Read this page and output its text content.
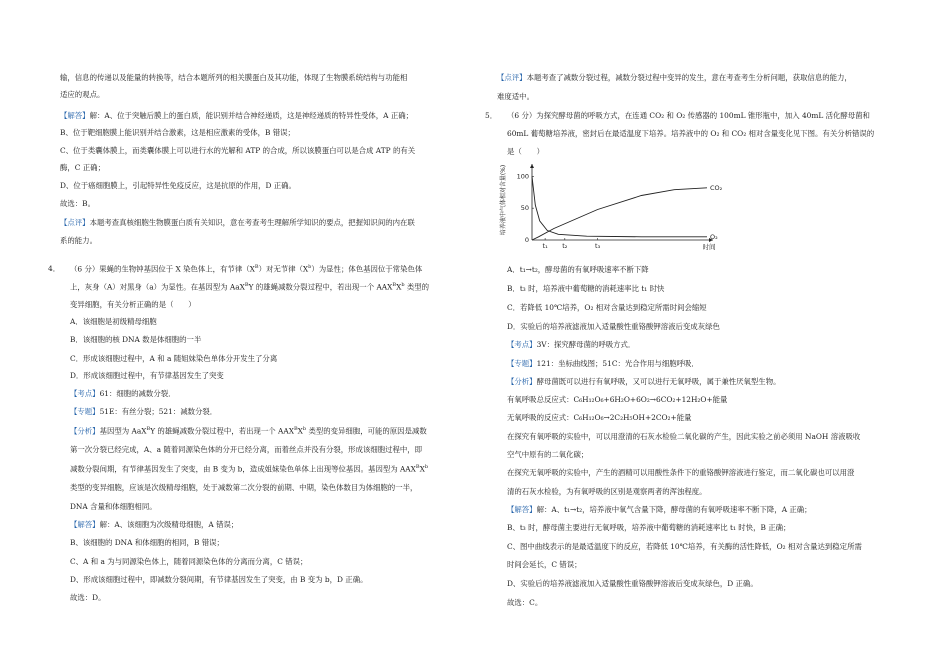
输，信息的传递以及能量的转换等，结合本题所列的相关膜蛋白及其功能，体现了生物膜系统结构与功能相
适应的观点。
【解答】解：A、位于突触后膜上的蛋白质，能识别并结合神经递质，这是神经递质的特异性受体，A 正确；
B、位于靶细胞膜上能识别并结合激素，这是相应激素的受体，B 错误；
C、位于类囊体膜上，而类囊体膜上可以进行水的光解和 ATP 的合成，所以该膜蛋白可以是合成 ATP 的有关
酶，C 正确；
D、位于癌细胞膜上，引起特异性免疫反应，这是抗原的作用，D 正确。
故选：B。
【点评】本题考查真核细胞生物膜蛋白质有关知识，意在考查考生理解所学知识的要点，把握知识间的内在联
系的能力。
（6 分）果蝇的生物钟基因位于 X 染色体上，有节律$(X^B)$对无节律$(X^b)$为显性；体色基因位于常染色体
上，灰身（A）对黑身（a）为显性。在基因型为 AaX$^B$Y 的雄蝇减数分裂过程中，若出现一个 $AAX^BX^b$ 类型的
变异细胞，有关分析正确的是（　　）
A．该细胞是初级精母细胞
B．该细胞的核 DNA 数是体细胞的一半
C．形成该细胞过程中，A 和 a 随姐妹染色单体分开发生了分离
D．形成该细胞过程中，有节律基因发生了突变
【考点】61：细胞的减数分裂．
【专题】51E：有丝分裂；521：减数分裂．
【分析】基因型为 AaX$^B$Y 的雄蝇减数分裂过程中，若出现一个 $AAX^BX^b$ 类型的变异细胞，可能的原因是减数
第一次分裂已经完成，A、a 随着同源染色体的分开已经分离，而着丝点并没有分裂，形成该细胞过程中，即
减数分裂间期，有节律基因发生了突变，由 B 变为 b，造成姐妹染色单体上出现等位基因。基因型为 $AAX^BX^b$
类型的变异细胞，应该是次级精母细胞，处于减数第二次分裂的前期、中期，染色体数目为体细胞的一半，
DNA 含量和体细胞相同。
【解答】解：A、该细胞为次级精母细胞，A 错误；
B、该细胞的 DNA 和体细胞的相同，B 错误；
C、A 和 a 为与同源染色体上，随着同源染色体的分离而分离，C 错误；
D、形成该细胞过程中，即减数分裂间期，有节律基因发生了突变，由 B 变为 b，D 正确。
故选：D。
4．
培养液中气体相对含量(%)
0
50
100
t₁ t₂	t₃	时间
CO₂
O₂
【点评】本题考查了减数分裂过程，减数分裂过程中变异的发生，意在考查考生分析问题，获取信息的能力，
难度适中。
（6 分）为探究酵母菌的呼吸方式，在连通 CO₂ 和 O₂ 传感器的 100mL 锥形瓶中，加入 40mL 活化酵母菌和
60mL 葡萄糖培养液，密封后在最适温度下培养。培养液中的 O₂ 和 CO₂ 相对含量变化见下图。有关分析错误的
是（　　）
A．t₁→t₂，酵母菌的有氧呼吸速率不断下降
B．t₃ 时，培养液中葡萄糖的消耗速率比 t₁ 时快
C．若降低 10℃培养，O₂ 相对含量达到稳定所需时间会缩短
D．实验后的培养液滤液加入适量酸性重铬酸钾溶液后变成灰绿色
【考点】3V：探究酵母菌的呼吸方式．
【专题】121：坐标曲线图；51C：光合作用与细胞呼吸．
【分析】酵母菌既可以进行有氧呼吸，又可以进行无氧呼吸，属于兼性厌氧型生物。
有氧呼吸总反应式：C₆H₁₂O₆+6H₂O+6O₂→6CO₂+12H₂O+能量
无氧呼吸的反应式：C₆H₁₂O₆→2C₂H₅OH+2CO₂+能量
在探究有氧呼吸的实验中，可以用澄清的石灰水检验二氧化碳的产生，因此实验之前必须用 NaOH 溶液吸收
空气中原有的二氧化碳；
在探究无氧呼吸的实验中，产生的酒精可以用酸性条件下的重铬酸钾溶液进行鉴定，而二氧化碳也可以用澄
清的石灰水检验，为有氧呼吸的区别是观察两者的浑浊程度。
【解答】解：A、t₁→t₂，培养液中氧气含量下降，酵母菌的有氧呼吸速率不断下降，A 正确；
B、t₃ 时，酵母菌主要进行无氧呼吸，培养液中葡萄糖的消耗速率比 t₁ 时快，B 正确；
C、图中曲线表示的是最适温度下的反应，若降低 10℃培养，有关酶的活性降低，O₂ 相对含量达到稳定所需
时间会延长，C 错误；
D、实验后的培养液滤液加入适量酸性重铬酸钾溶液后变成灰绿色，D 正确。
故选：C。
5．
